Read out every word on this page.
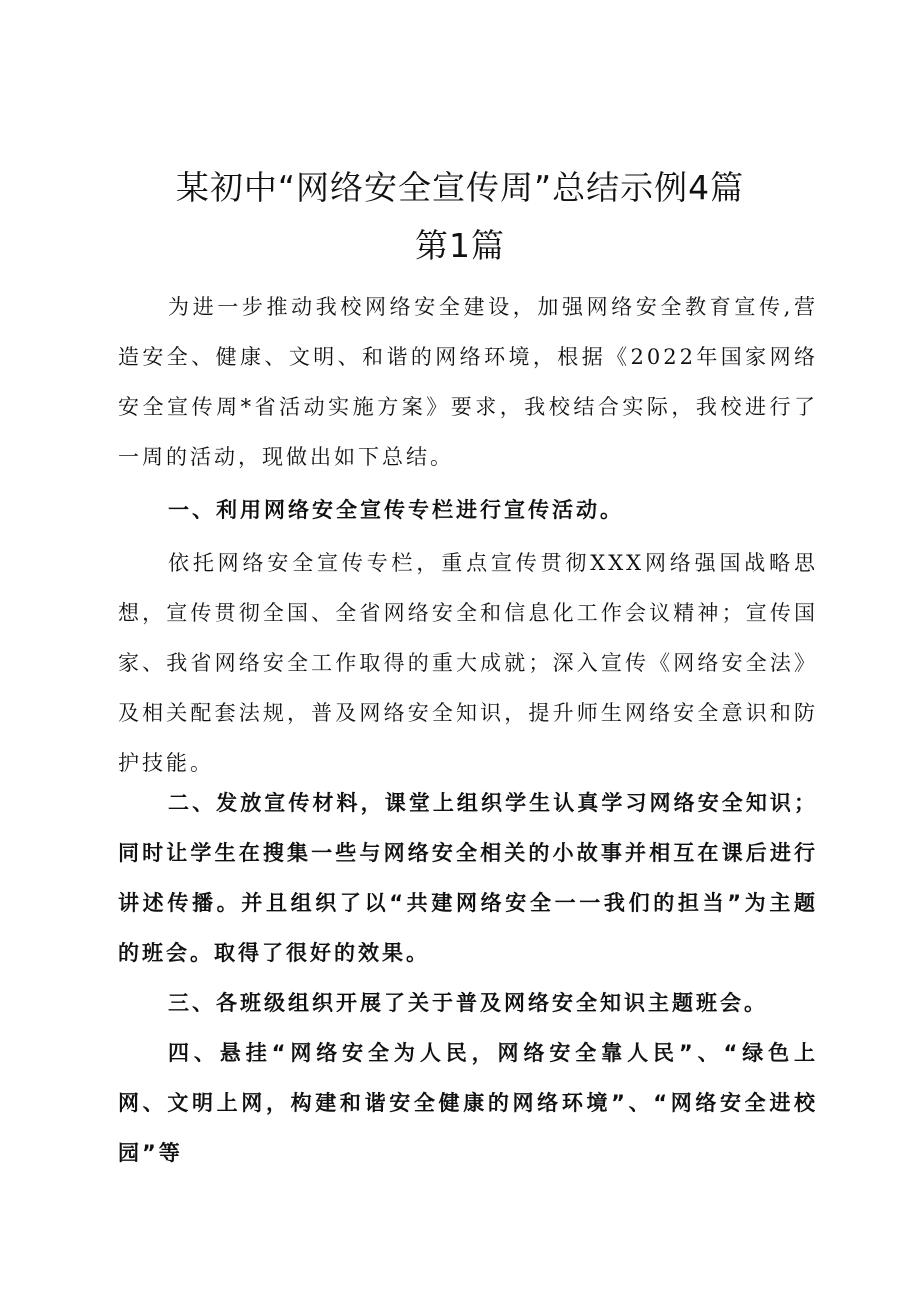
某初中“网络安全宣传周”总结示例4篇
第1篇

为进一步推动我校网络安全建设，加强网络安全教育宣传,营造安全、健康、文明、和谐的网络环境，根据《2022年国家网络安全宣传周*省活动实施方案》要求，我校结合实际，我校进行了一周的活动，现做出如下总结。

一、利用网络安全宣传专栏进行宣传活动。

依托网络安全宣传专栏，重点宣传贯彻XXX网络强国战略思想，宣传贯彻全国、全省网络安全和信息化工作会议精神；宣传国家、我省网络安全工作取得的重大成就；深入宣传《网络安全法》及相关配套法规，普及网络安全知识，提升师生网络安全意识和防护技能。

二、发放宣传材料，课堂上组织学生认真学习网络安全知识；同时让学生在搜集一些与网络安全相关的小故事并相互在课后进行讲述传播。并且组织了以“共建网络安全一一我们的担当”为主题的班会。取得了很好的效果。

三、各班级组织开展了关于普及网络安全知识主题班会。

四、悬挂“网络安全为人民，网络安全靠人民”、“绿色上网、文明上网，构建和谐安全健康的网络环境”、“网络安全进校园”等
